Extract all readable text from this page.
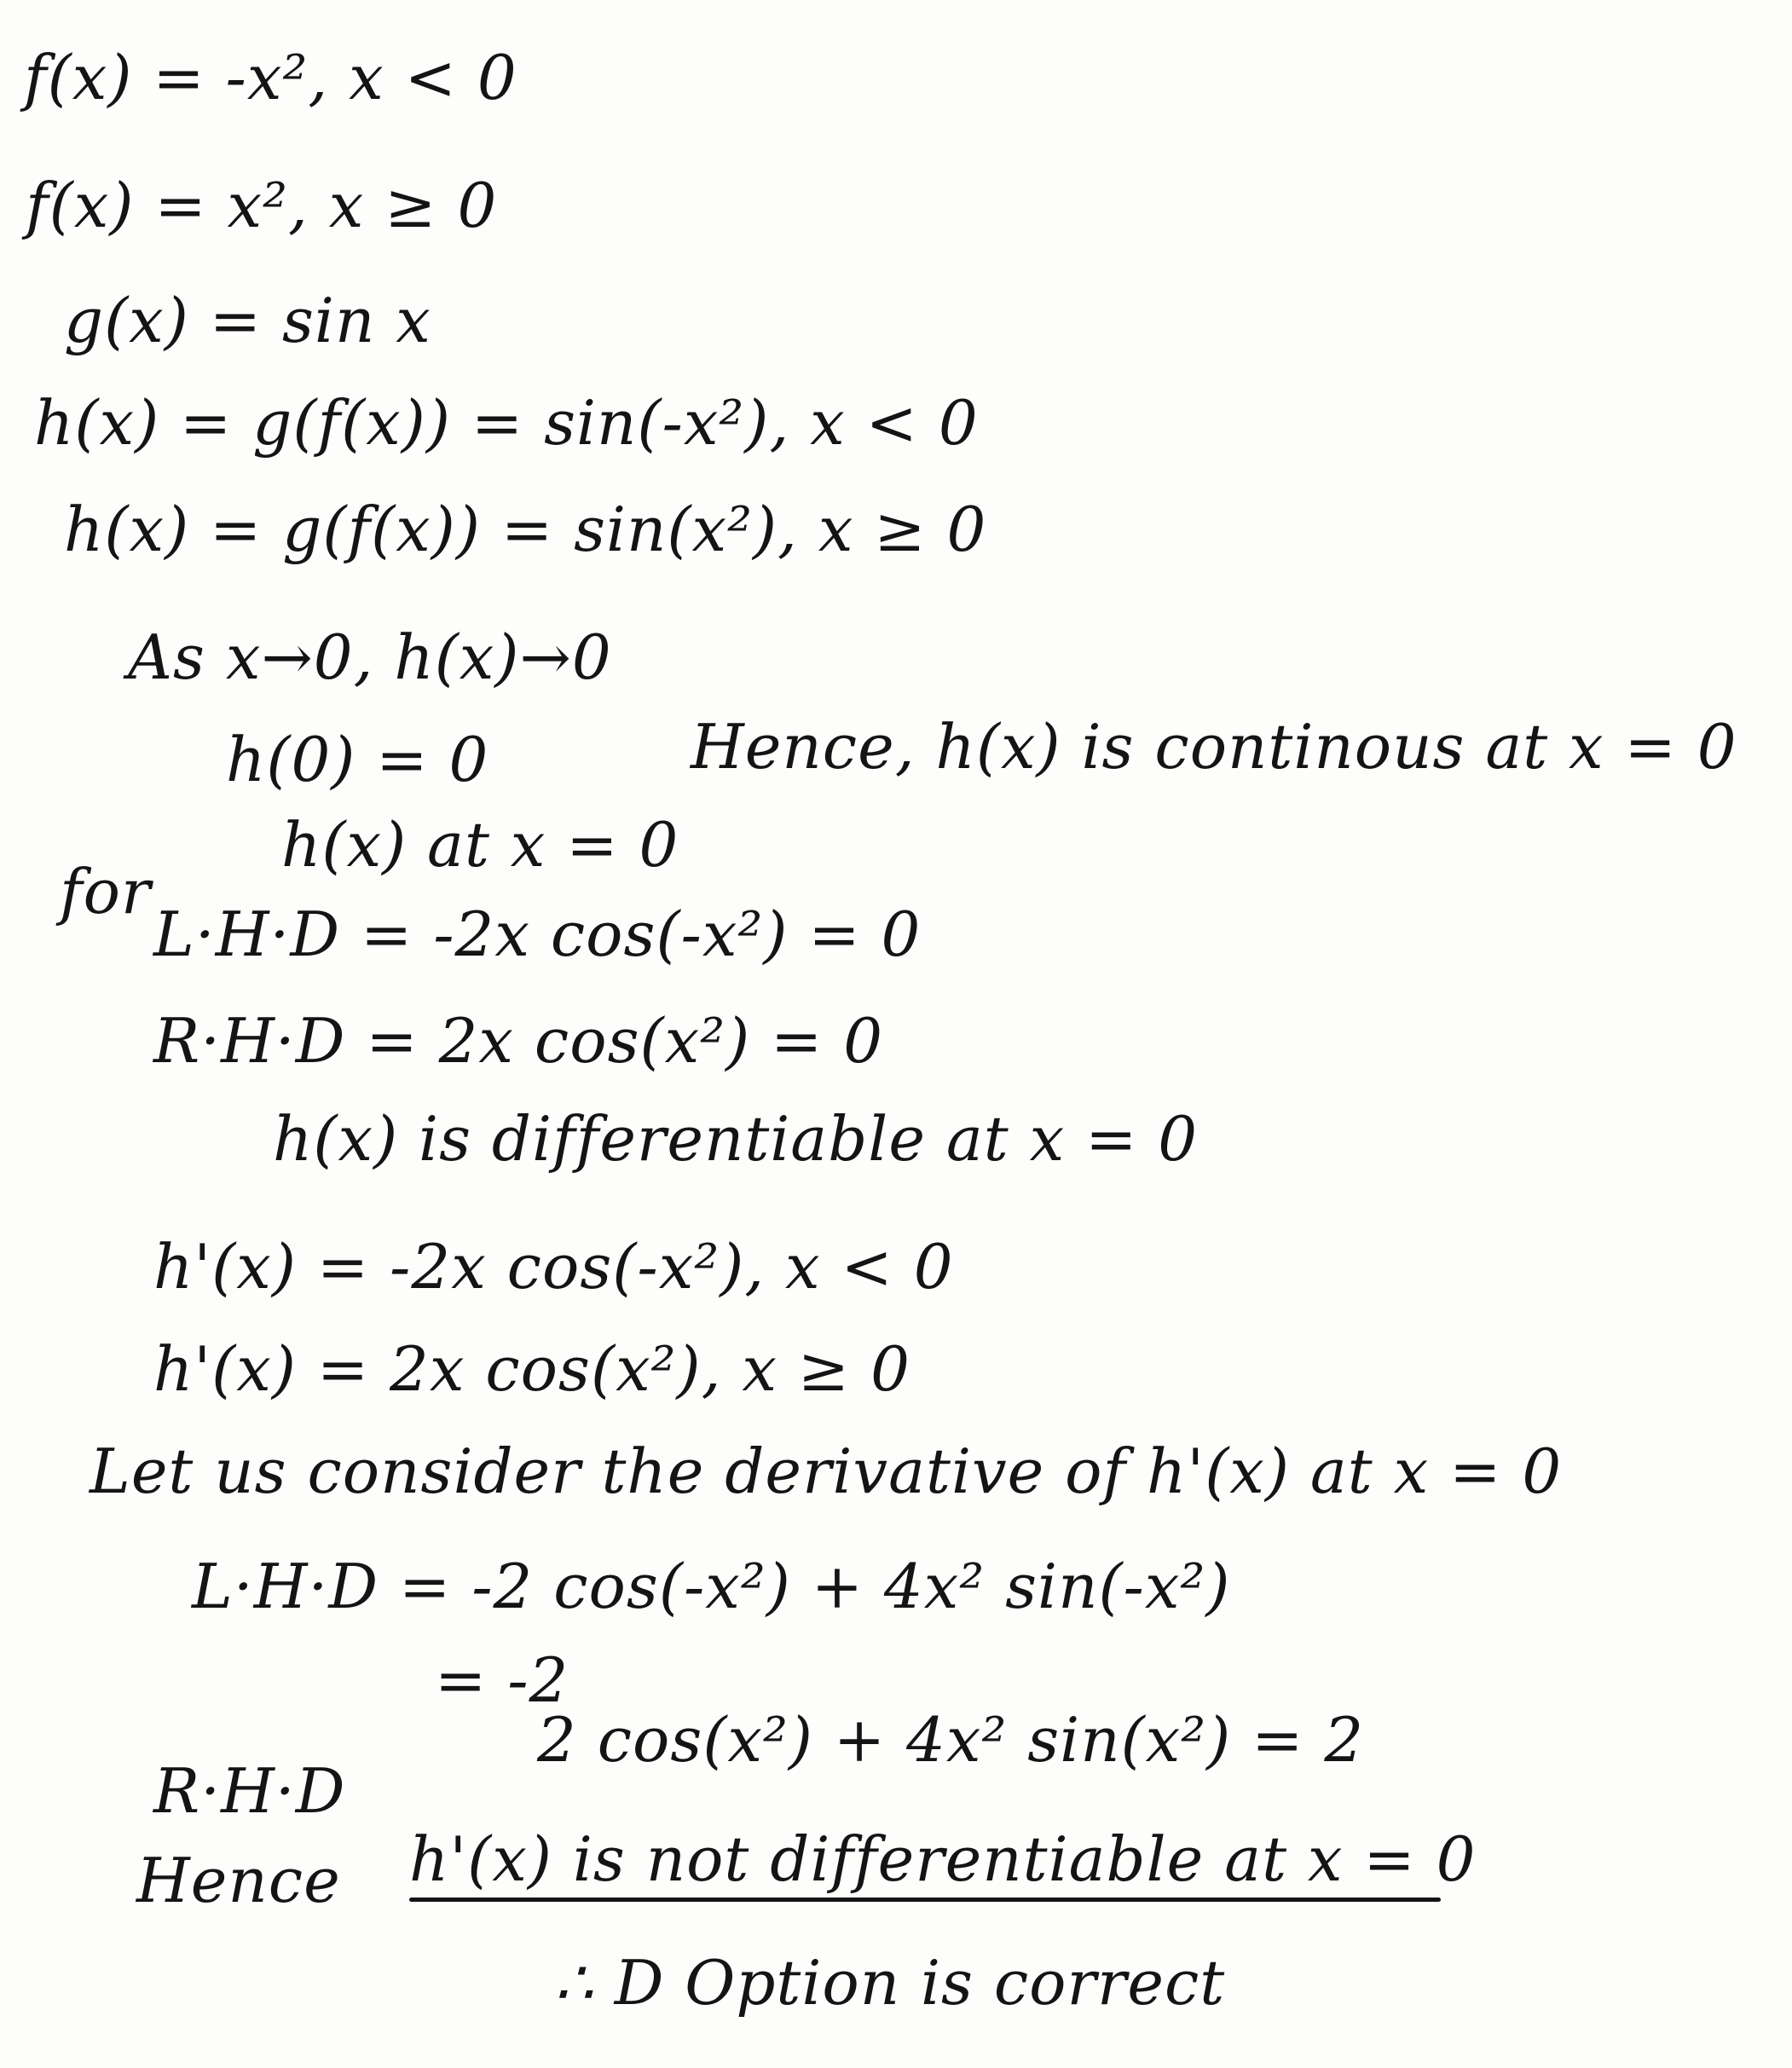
f(x) = -x², x < 0
f(x) = x², x ≥ 0
g(x) = sin x
h(x) = g(f(x)) = sin(-x²), x < 0
h(x) = g(f(x)) = sin(x²), x ≥ 0
As x→0, h(x)→0
h(0) = 0	Hence, h(x) is continous at x = 0
h(x) at x = 0
for
L·H·D = -2x cos(-x²) = 0
R·H·D = 2x cos(x²) = 0
h(x) is differentiable at x = 0
h'(x) = -2x cos(-x²), x < 0
h'(x) = 2x cos(x²), x ≥ 0
Let us consider the derivative of h'(x) at x = 0
L·H·D = -2 cos(-x²) + 4x² sin(-x²)
= -2
R·H·D
2 cos(x²) + 4x² sin(x²) = 2
Hence h'(x) is not differentiable at x = 0
∴ D Option is correct
